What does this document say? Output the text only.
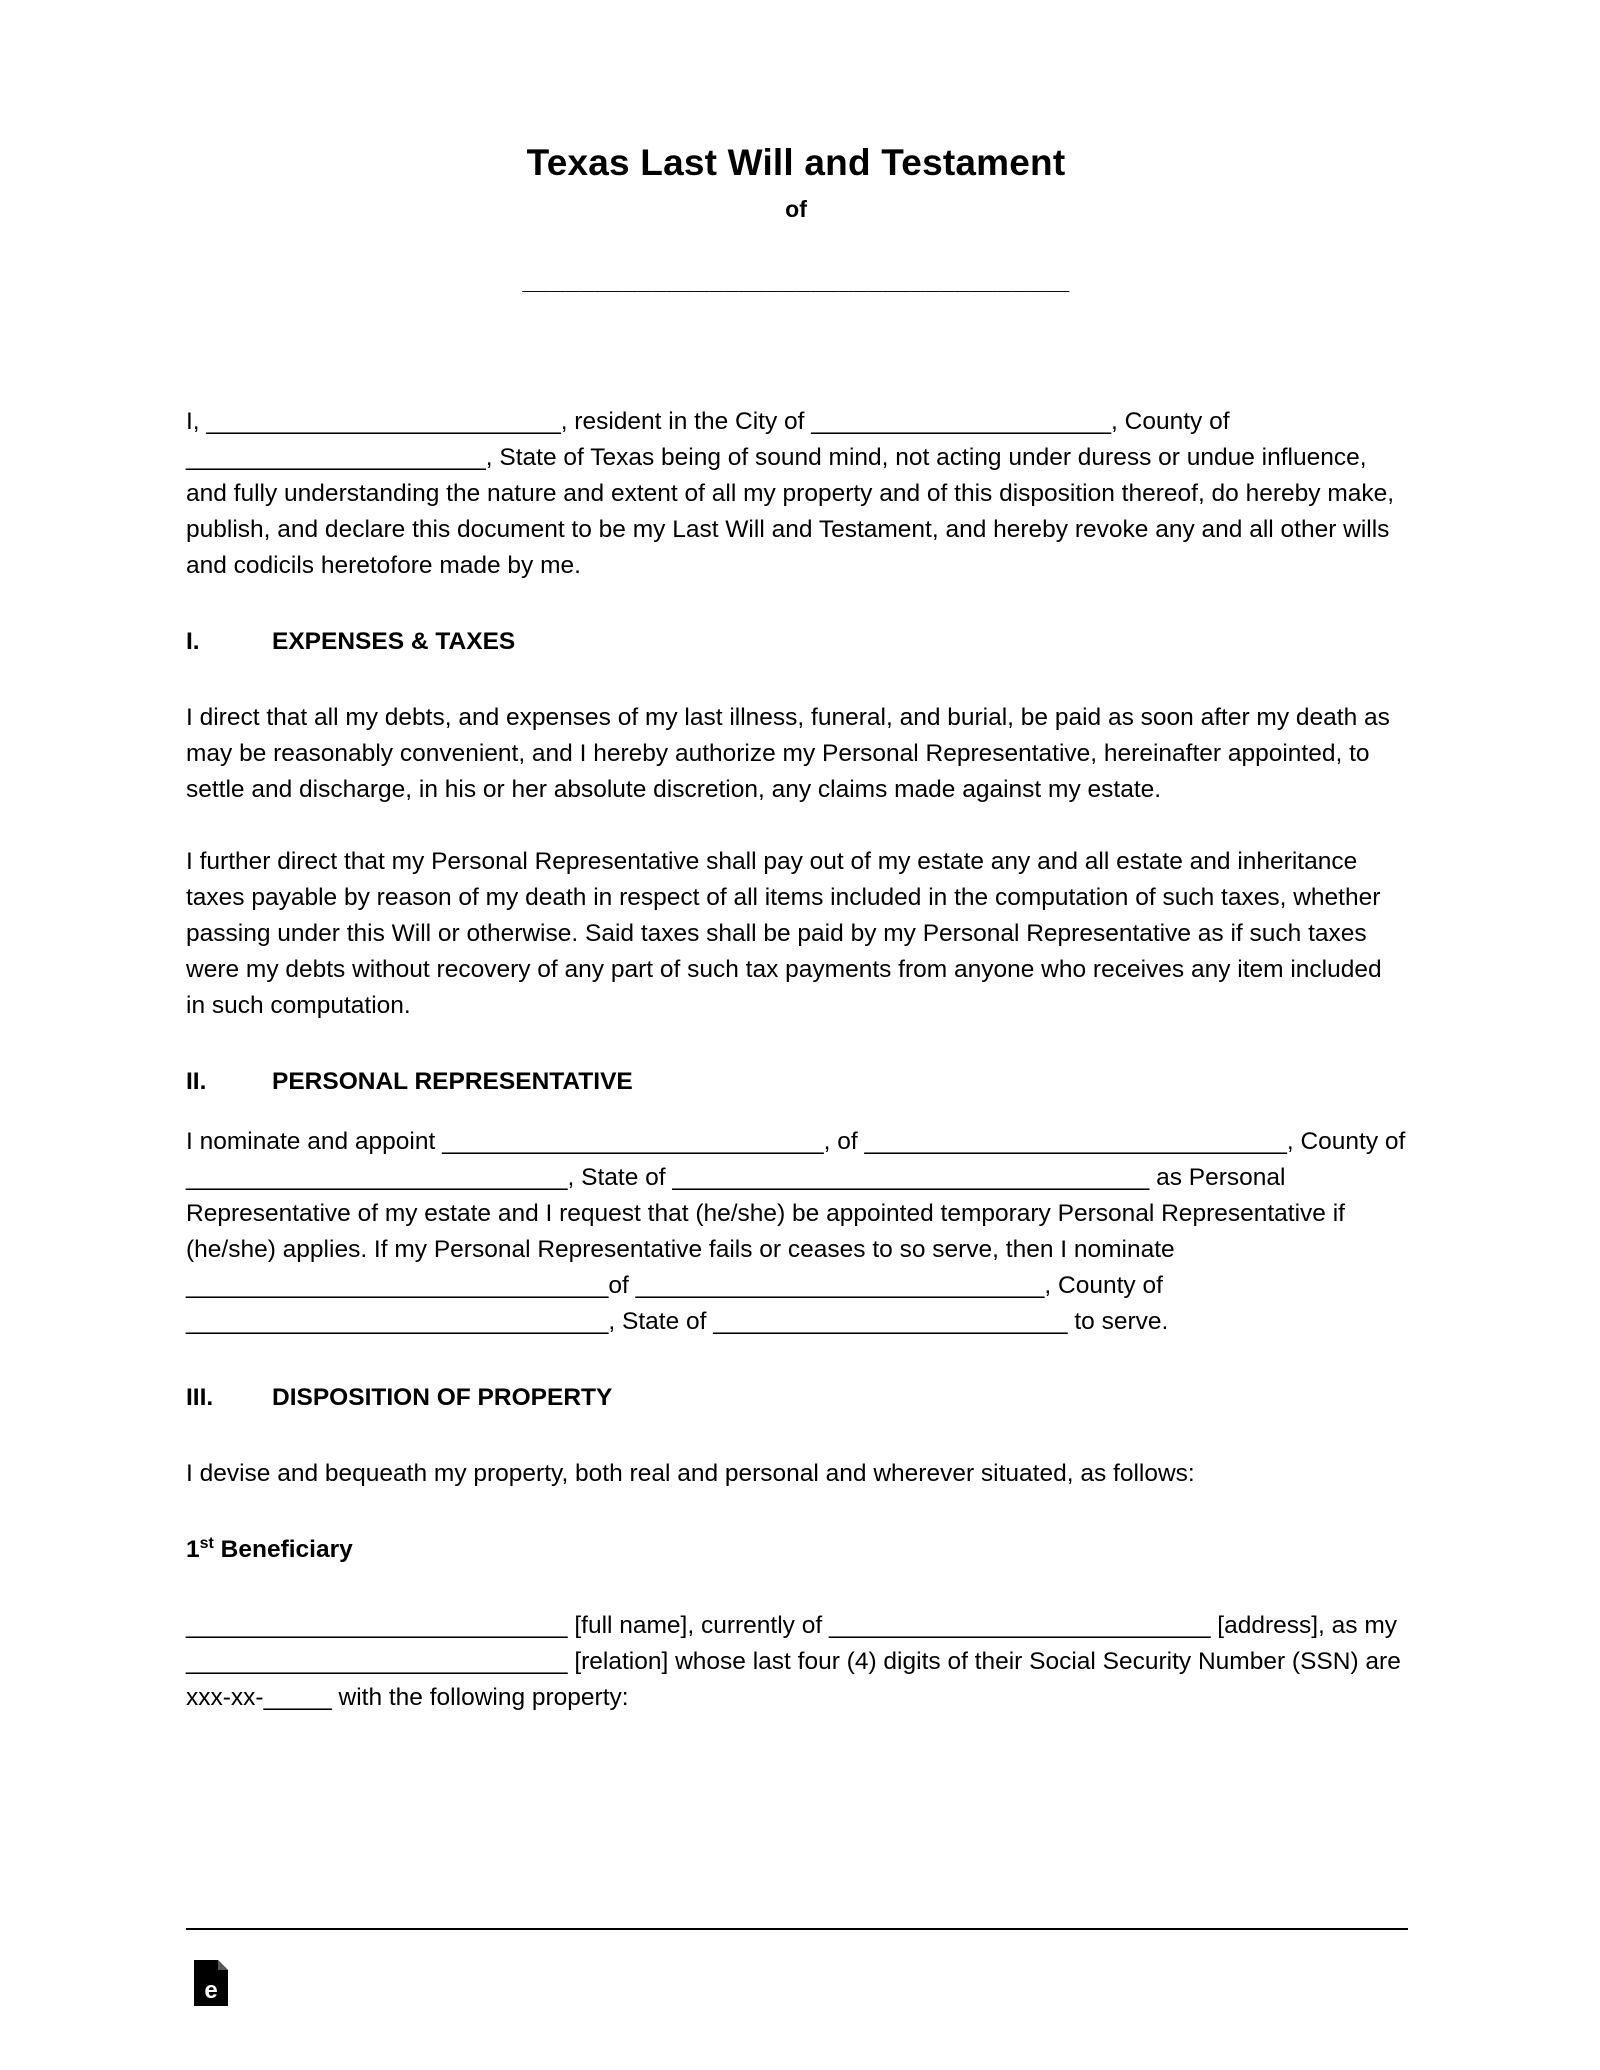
Texas Last Will and Testament
of
______________________________________

I, __________________________, resident in the City of ______________________, County of ______________________, State of Texas being of sound mind, not acting under duress or undue influence, and fully understanding the nature and extent of all my property and of this disposition thereof, do hereby make, publish, and declare this document to be my Last Will and Testament, and hereby revoke any and all other wills and codicils heretofore made by me.

I.	EXPENSES & TAXES

I direct that all my debts, and expenses of my last illness, funeral, and burial, be paid as soon after my death as may be reasonably convenient, and I hereby authorize my Personal Representative, hereinafter appointed, to settle and discharge, in his or her absolute discretion, any claims made against my estate.

I further direct that my Personal Representative shall pay out of my estate any and all estate and inheritance taxes payable by reason of my death in respect of all items included in the computation of such taxes, whether passing under this Will or otherwise. Said taxes shall be paid by my Personal Representative as if such taxes were my debts without recovery of any part of such tax payments from anyone who receives any item included in such computation.

II.	PERSONAL REPRESENTATIVE

I nominate and appoint ____________________________, of _______________________________, County of ____________________________, State of ___________________________________ as Personal Representative of my estate and I request that (he/she) be appointed temporary Personal Representative if (he/she) applies. If my Personal Representative fails or ceases to so serve, then I nominate _______________________________of ______________________________, County of _______________________________, State of __________________________ to serve.

III.	DISPOSITION OF PROPERTY

I devise and bequeath my property, both real and personal and wherever situated, as follows:

1st Beneficiary

____________________________ [full name], currently of ____________________________ [address], as my ____________________________ [relation] whose last four (4) digits of their Social Security Number (SSN) are xxx-xx-_____ with the following property:

e
